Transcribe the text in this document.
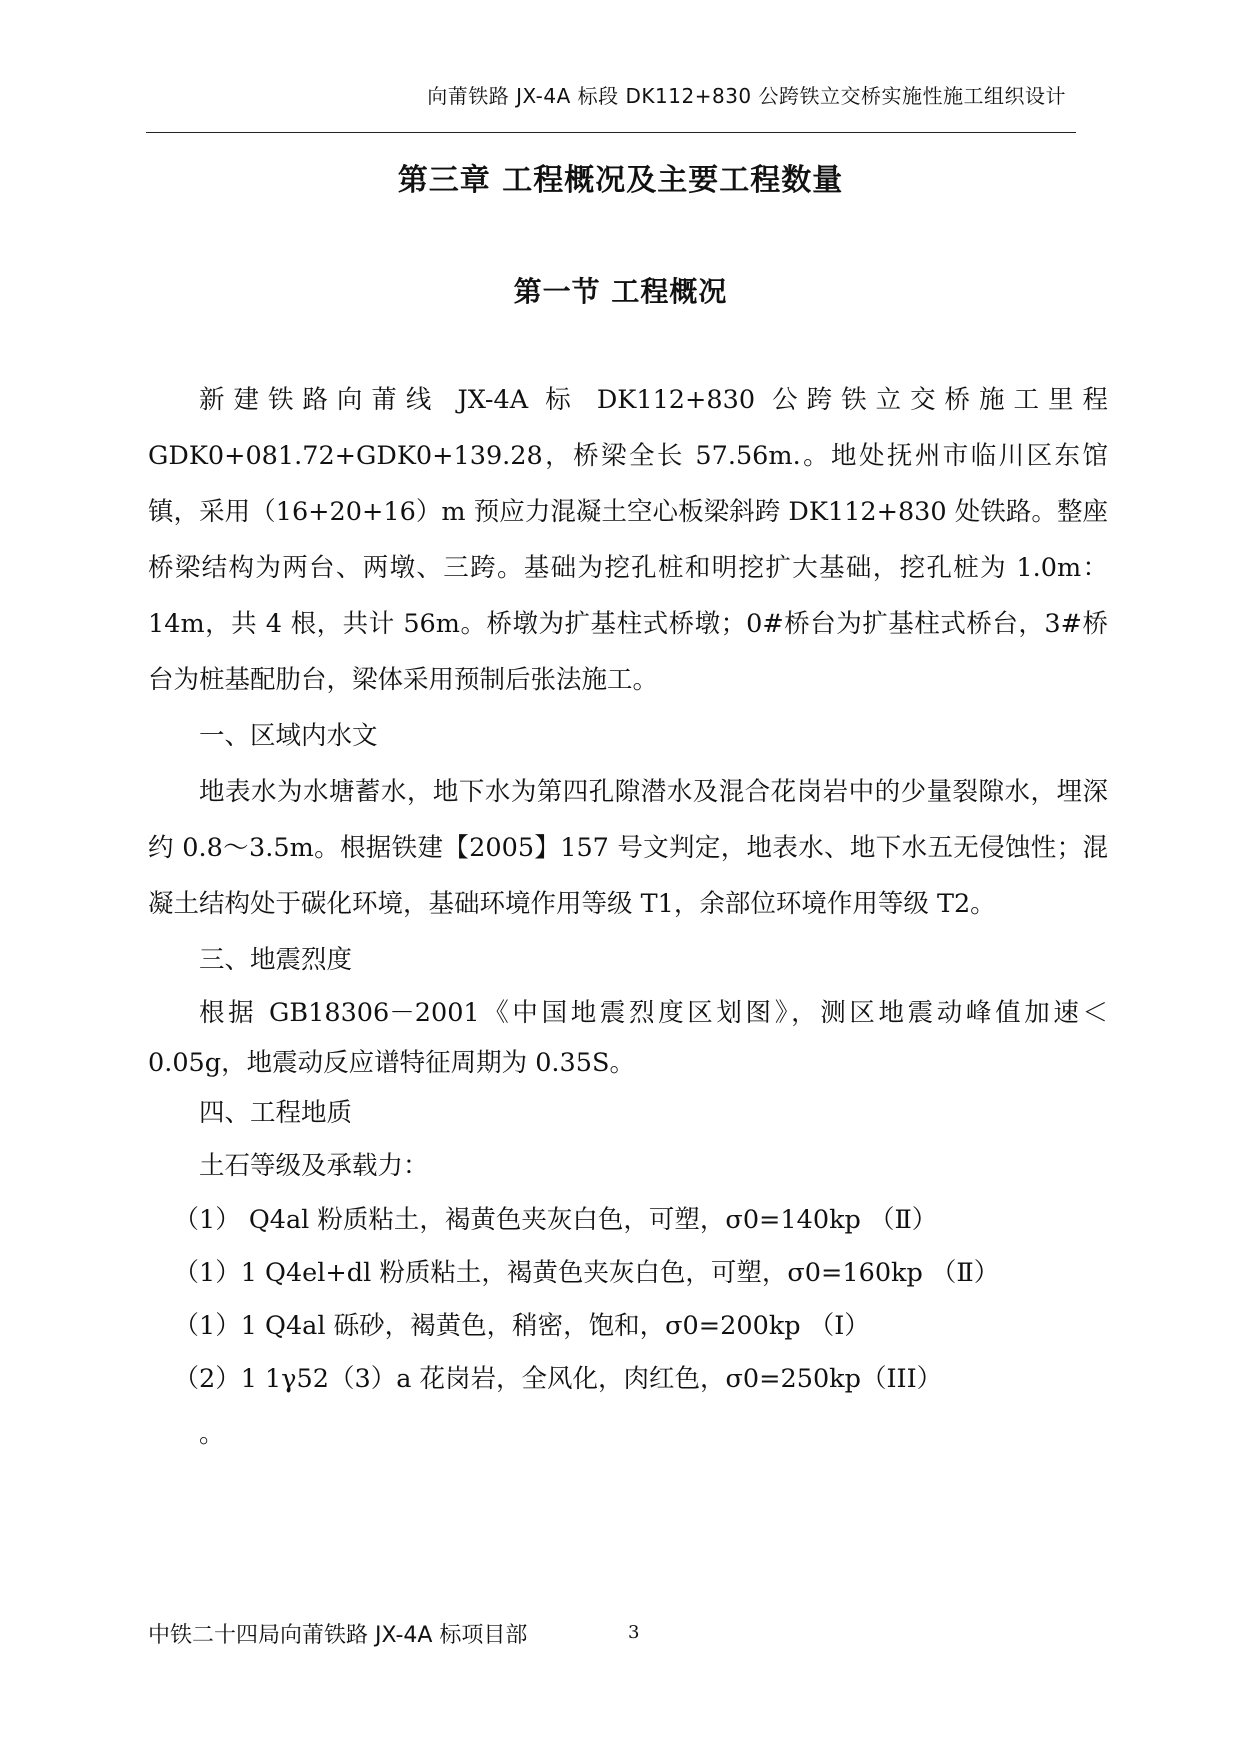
向莆铁路 JX-4A 标段 DK112+830 公跨铁立交桥实施性施工组织设计
第三章 工程概况及主要工程数量
第一节 工程概况

新建铁路向莆线 JX-4A 标 DK112+830 公跨铁立交桥施工里程 GDK0+081.72+GDK0+139.28，桥梁全长 57.56m.。地处抚州市临川区东馆镇，采用（16+20+16）m 预应力混凝土空心板梁斜跨 DK112+830 处铁路。整座桥梁结构为两台、两墩、三跨。基础为挖孔桩和明挖扩大基础，挖孔桩为 1.0m：14m，共 4 根，共计 56m。桥墩为扩基柱式桥墩；0#桥台为扩基柱式桥台，3#桥台为桩基配肋台，梁体采用预制后张法施工。

一、区域内水文

地表水为水塘蓄水，地下水为第四孔隙潜水及混合花岗岩中的少量裂隙水，埋深约 0.8～3.5m。根据铁建【2005】157 号文判定，地表水、地下水五无侵蚀性；混凝土结构处于碳化环境，基础环境作用等级 T1，余部位环境作用等级 T2。

三、地震烈度

根据 GB18306－2001《中国地震烈度区划图》，测区地震动峰值加速＜0.05g，地震动反应谱特征周期为 0.35S。

四、工程地质

土石等级及承载力：

（1） Q4al 粉质粘土，褐黄色夹灰白色，可塑，σ0=140kp （Ⅱ）

（1）1 Q4el+dl 粉质粘土，褐黄色夹灰白色，可塑，σ0=160kp （Ⅱ）

（1）1 Q4al 砾砂，褐黄色，稍密，饱和，σ0=200kp （Ⅰ）

（2）1 1γ52（3）a 花岗岩，全风化，肉红色，σ0=250kp（III）

。

中铁二十四局向莆铁路 JX-4A 标项目部	3
